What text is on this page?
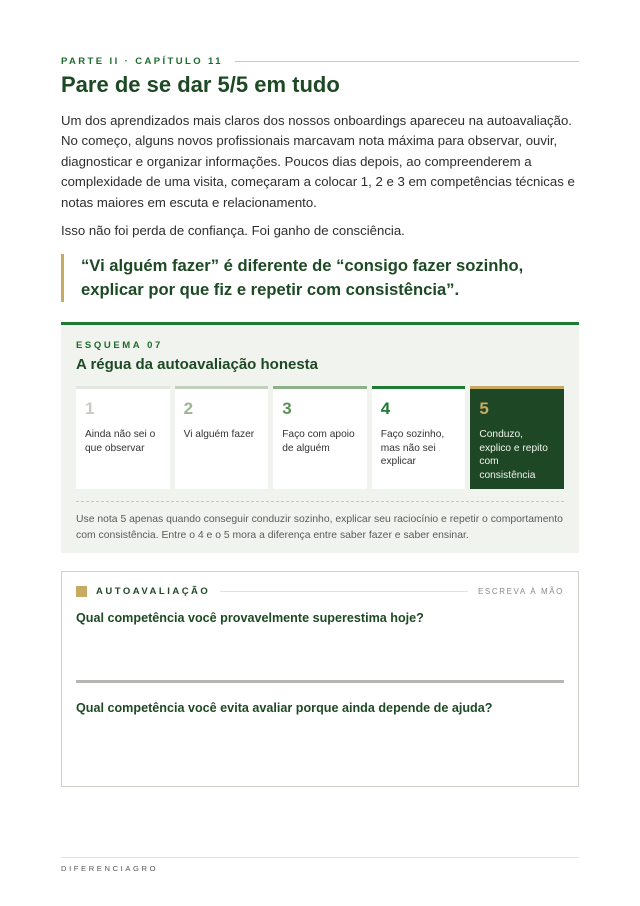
PARTE II · CAPÍTULO 11
Pare de se dar 5/5 em tudo

Um dos aprendizados mais claros dos nossos onboardings apareceu na autoavaliação. No começo, alguns novos profissionais marcavam nota máxima para observar, ouvir, diagnosticar e organizar informações. Poucos dias depois, ao compreenderem a complexidade de uma visita, começaram a colocar 1, 2 e 3 em competências técnicas e notas maiores em escuta e relacionamento.

Isso não foi perda de confiança. Foi ganho de consciência.

“Vi alguém fazer” é diferente de “consigo fazer sozinho, explicar por que fiz e repetir com consistência”.

ESQUEMA 07
A régua da autoavaliação honesta
1
Ainda não sei o que observar
2
Vi alguém fazer
3
Faço com apoio de alguém
4
Faço sozinho, mas não sei explicar
5
Conduzo, explico e repito com consistência

Use nota 5 apenas quando conseguir conduzir sozinho, explicar seu raciocínio e repetir o comportamento com consistência. Entre o 4 e o 5 mora a diferença entre saber fazer e saber ensinar.

AUTOAVALIAÇÃO	ESCREVA À MÃO

Qual competência você provavelmente superestima hoje?

Qual competência você evita avaliar porque ainda depende de ajuda?

DIFERENCIAGRO
